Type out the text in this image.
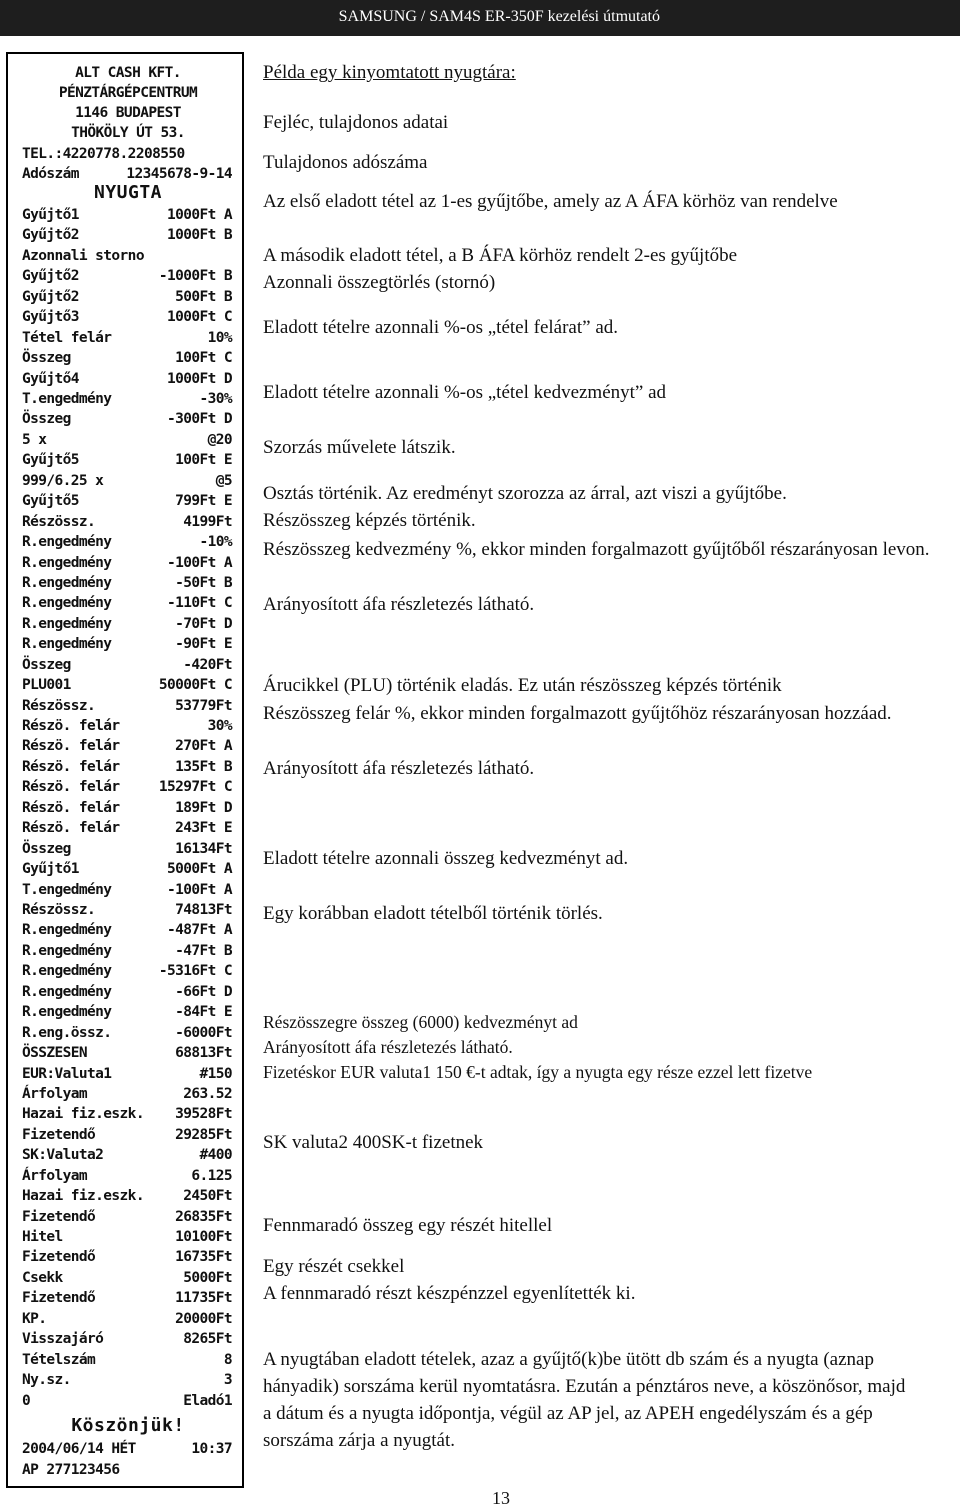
SAMSUNG / SAM4S ER-350F kezelési útmutató
ALT CASH KFT.
PÉNZTÁRGÉPCENTRUM
1146 BUDAPEST
THÖKÖLY ÚT 53.
TEL.:4220778.2208550
Adószám	12345678-9-14
NYUGTA
Gyűjtő1	1000Ft A
Gyűjtő2	1000Ft B
Azonnali storno
Gyűjtő2	-1000Ft B
Gyűjtő2	500Ft B
Gyűjtő3	1000Ft C
Tétel felár	10%
Összeg	100Ft C
Gyűjtő4	1000Ft D
T.engedmény	-30%
Összeg	-300Ft D
5 x	@20
Gyűjtő5	100Ft E
999/6.25 x	@5
Gyűjtő5	799Ft E
Részössz.	4199Ft
R.engedmény	-10%
R.engedmény	-100Ft A
R.engedmény	-50Ft B
R.engedmény	-110Ft C
R.engedmény	-70Ft D
R.engedmény	-90Ft E
Összeg	-420Ft
PLU001	50000Ft C
Részössz.	53779Ft
Részö. felár	30%
Részö. felár	270Ft A
Részö. felár	135Ft B
Részö. felár	15297Ft C
Részö. felár	189Ft D
Részö. felár	243Ft E
Összeg	16134Ft
Gyűjtő1	5000Ft A
T.engedmény	-100Ft A
Részössz.	74813Ft
R.engedmény	-487Ft A
R.engedmény	-47Ft B
R.engedmény	-5316Ft C
R.engedmény	-66Ft D
R.engedmény	-84Ft E
R.eng.össz.	-6000Ft
ÖSSZESEN	68813Ft
EUR:Valuta1	#150
Árfolyam	263.52
Hazai fiz.eszk. 39528Ft
Fizetendő	29285Ft
SK:Valuta2	#400
Árfolyam	6.125
Hazai fiz.eszk.	2450Ft
Fizetendő	26835Ft
Hitel	10100Ft
Fizetendő	16735Ft
Csekk	5000Ft
Fizetendő	11735Ft
KP.	20000Ft
Visszajáró	8265Ft
Tételszám	8
Ny.sz.	3
0	Eladó1
Köszönjük!
2004/06/14 HÉT	10:37
AP 277123456
Példa egy kinyomtatott nyugtára:
Fejléc, tulajdonos adatai
Tulajdonos adószáma
Az első eladott tétel az 1-es gyűjtőbe, amely az A ÁFA körhöz van rendelve
A második eladott tétel, a B ÁFA körhöz rendelt 2-es gyűjtőbe
Azonnali összegtörlés (stornó)
Eladott tételre azonnali %-os „tétel felárat” ad.
Eladott tételre azonnali %-os „tétel kedvezményt” ad
Szorzás művelete látszik.
Osztás történik. Az eredményt szorozza az árral, azt viszi a gyűjtőbe.
Részösszeg képzés történik.
Részösszeg kedvezmény %, ekkor minden forgalmazott gyűjtőből részarányosan levon.
Arányosított áfa részletezés látható.
Árucikkel (PLU) történik eladás. Ez után részösszeg képzés történik
Részösszeg felár %, ekkor minden forgalmazott gyűjtőhöz részarányosan hozzáad.
Arányosított áfa részletezés látható.
Eladott tételre azonnali összeg kedvezményt ad.
Egy korábban eladott tételből történik törlés.
Részösszegre összeg (6000) kedvezményt ad
Arányosított áfa részletezés látható.
Fizetéskor EUR valuta1 150 €-t adtak, így a nyugta egy része ezzel lett fizetve
SK valuta2 400SK-t fizetnek
Fennmaradó összeg egy részét hitellel
Egy részét csekkel
A fennmaradó részt készpénzzel egyenlítették ki.
A nyugtában eladott tételek, azaz a gyűjtő(k)be ütött db szám és a nyugta (aznap hányadik) sorszáma kerül nyomtatásra. Ezután a pénztáros neve, a köszönősor, majd a dátum és a nyugta időpontja, végül az AP jel, az APEH engedélyszám és a gép sorszáma zárja a nyugtát.
13
